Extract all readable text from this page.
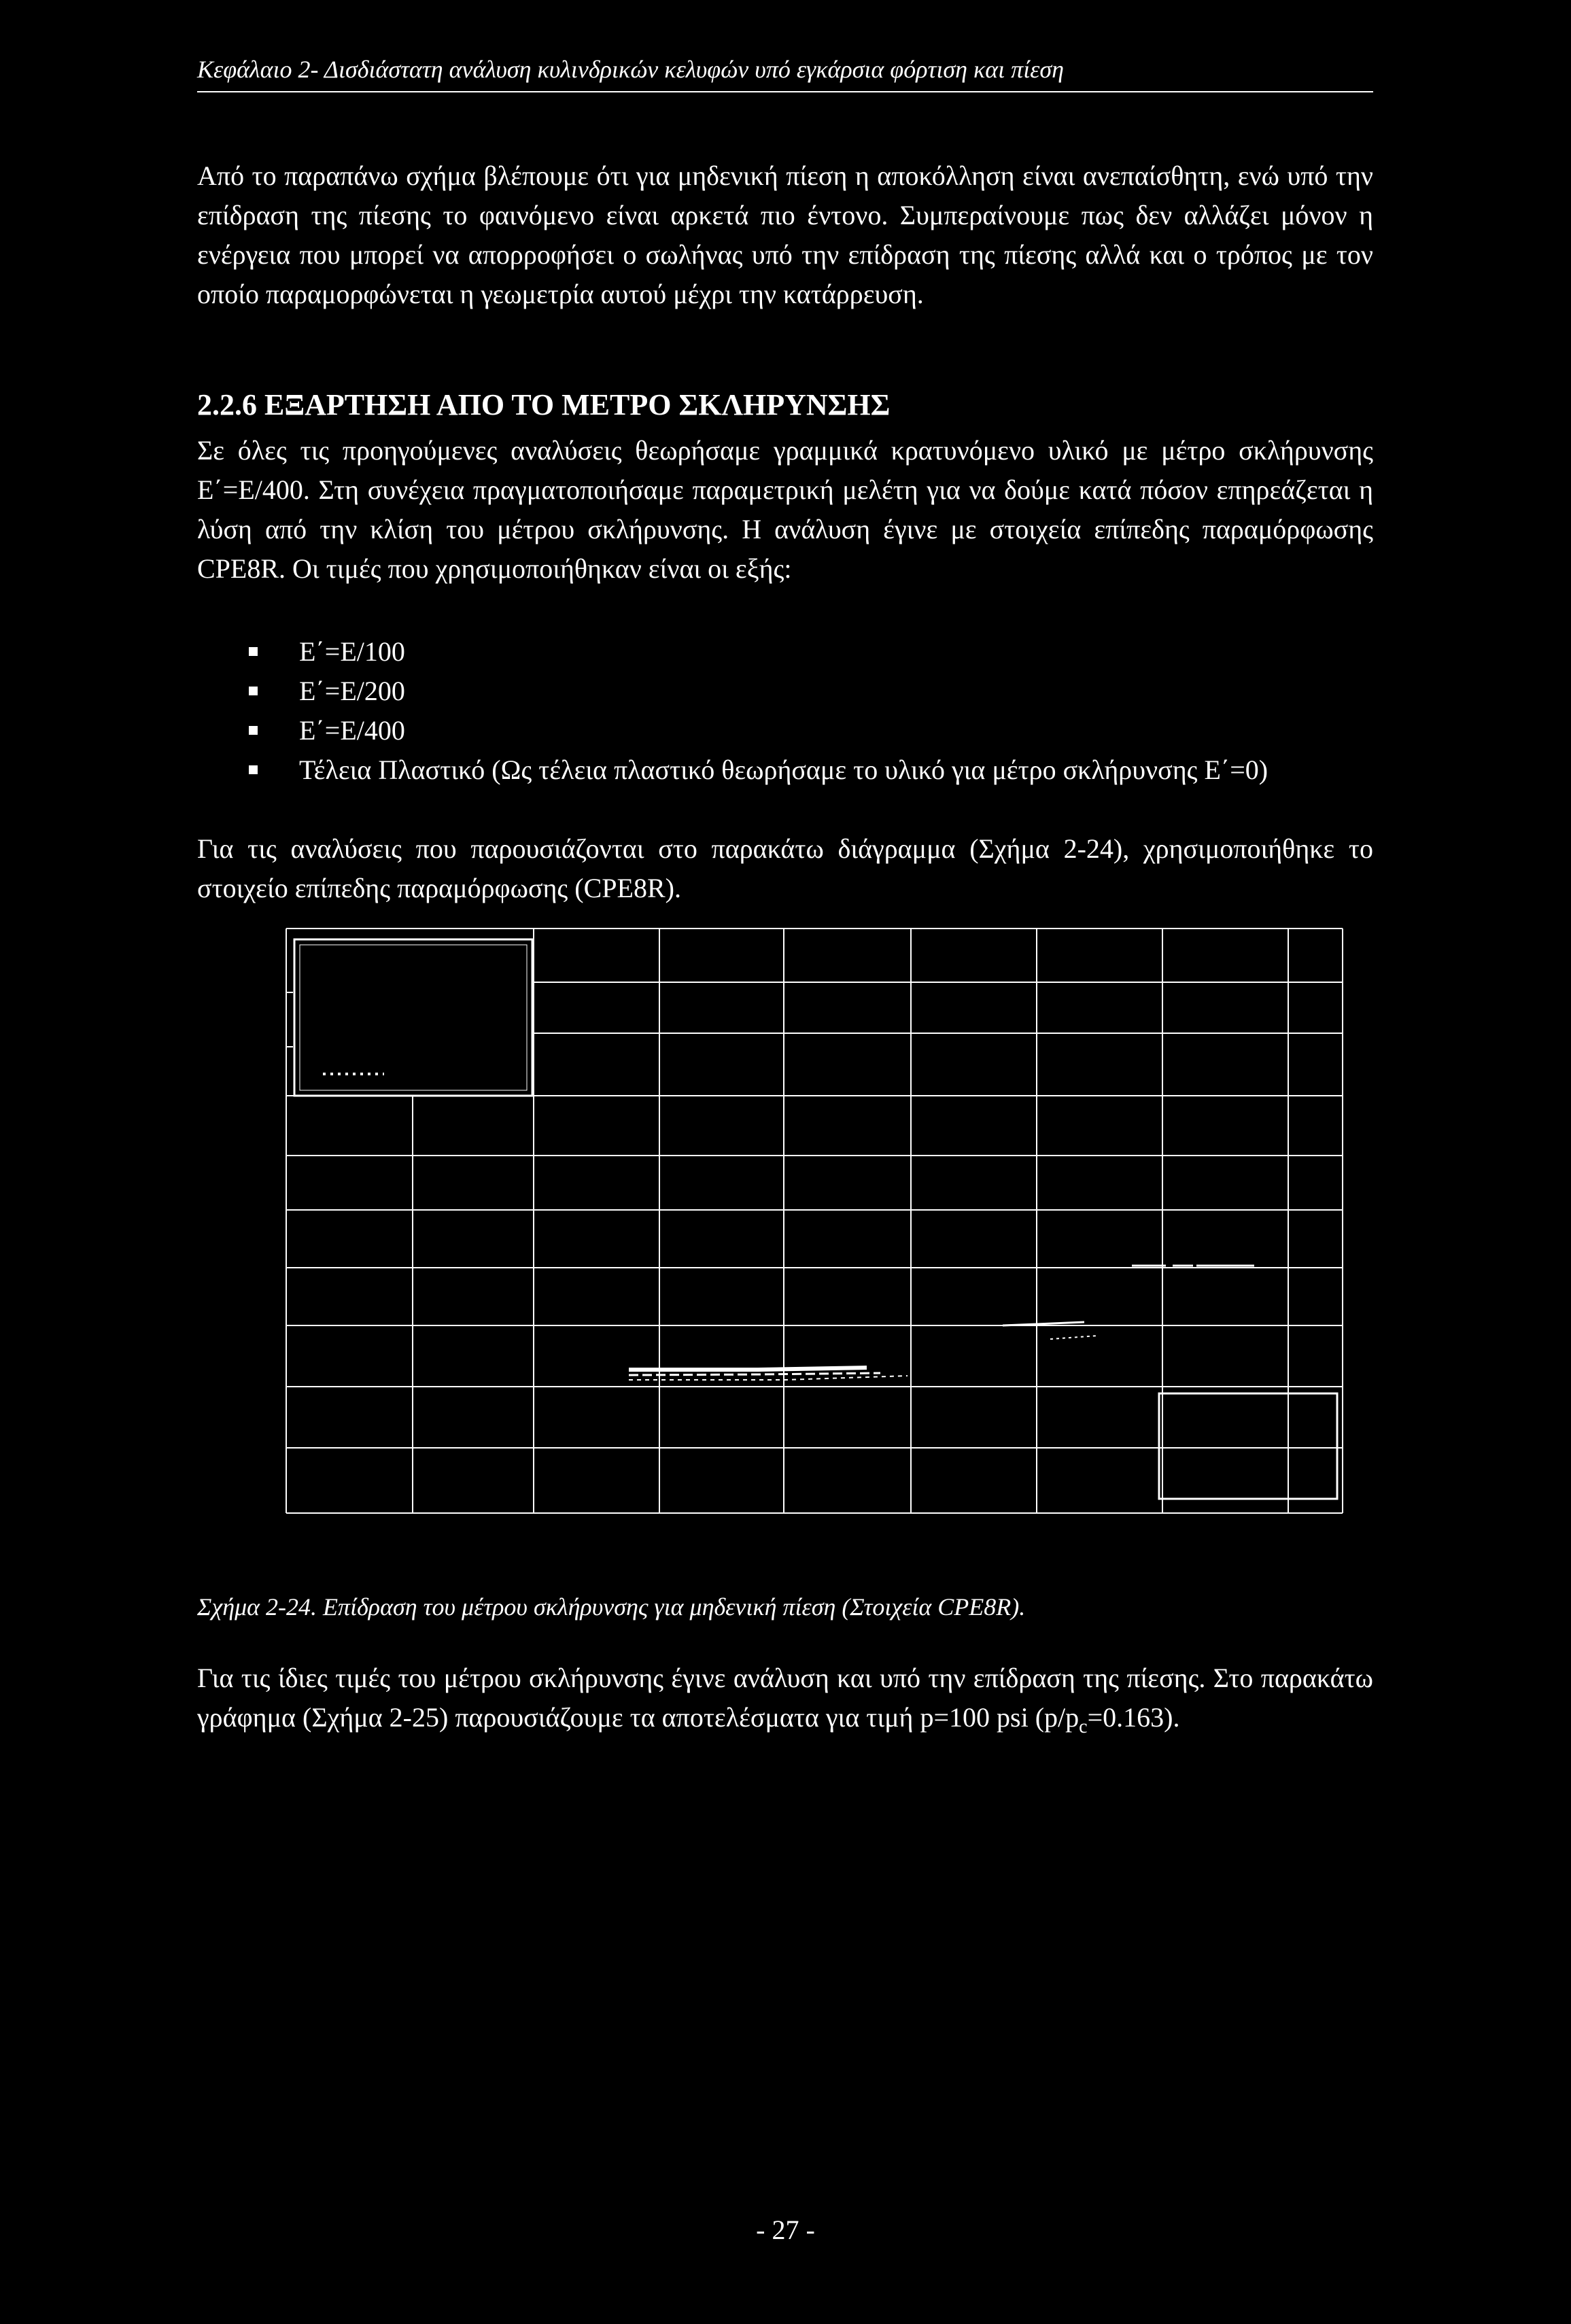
Κεφάλαιο 2- Δισδιάστατη ανάλυση κυλινδρικών κελυφών υπό εγκάρσια φόρτιση και πίεση

Από το παραπάνω σχήμα βλέπουμε ότι για μηδενική πίεση η αποκόλληση είναι ανεπαίσθητη, ενώ υπό την επίδραση της πίεσης το φαινόμενο είναι αρκετά πιο έντονο. Συμπεραίνουμε πως δεν αλλάζει μόνον η ενέργεια που μπορεί να απορροφήσει ο σωλήνας υπό την επίδραση της πίεσης αλλά και ο τρόπος με τον οποίο παραμορφώνεται η γεωμετρία αυτού μέχρι την κατάρρευση.

2.2.6 ΕΞΑΡΤΗΣΗ ΑΠΟ ΤΟ ΜΕΤΡΟ ΣΚΛΗΡΥΝΣΗΣ

Σε όλες τις προηγούμενες αναλύσεις θεωρήσαμε γραμμικά κρατυνόμενο υλικό με μέτρο σκλήρυνσης E΄=E/400. Στη συνέχεια πραγματοποιήσαμε παραμετρική μελέτη για να δούμε κατά πόσον επηρεάζεται η λύση από την κλίση του μέτρου σκλήρυνσης. Η ανάλυση έγινε με στοιχεία επίπεδης παραμόρφωσης CPE8R. Οι τιμές που χρησιμοποιήθηκαν είναι οι εξής:

E΄=E/100
E΄=E/200
E΄=E/400
Τέλεια Πλαστικό (Ως τέλεια πλαστικό θεωρήσαμε το υλικό για μέτρο σκλήρυνσης E΄=0)

Για τις αναλύσεις που παρουσιάζονται στο παρακάτω διάγραμμα (Σχήμα 2-24), χρησιμοποιήθηκε το στοιχείο επίπεδης παραμόρφωσης (CPE8R).

Σχήμα 2-24. Επίδραση του μέτρου σκλήρυνσης για μηδενική πίεση (Στοιχεία CPE8R).

Για τις ίδιες τιμές του μέτρου σκλήρυνσης έγινε ανάλυση και υπό την επίδραση της πίεσης. Στο παρακάτω γράφημα (Σχήμα 2-25) παρουσιάζουμε τα αποτελέσματα για τιμή p=100 psi $(p/p_c=0.163)$.

- 27 -
